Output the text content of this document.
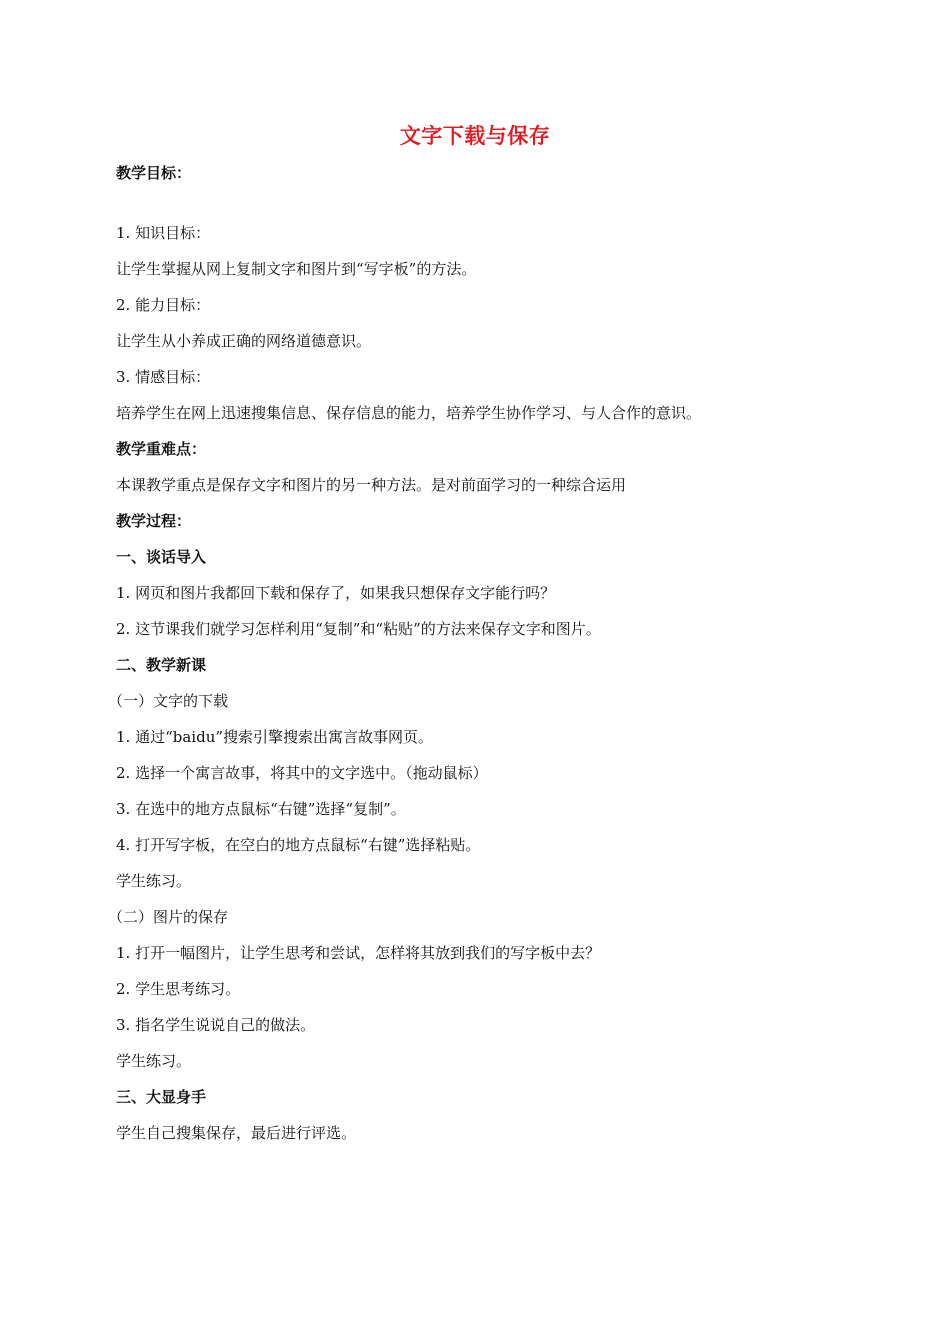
文字下载与保存
教学目标：
1. 知识目标：
让学生掌握从网上复制文字和图片到“写字板”的方法。
2. 能力目标：
让学生从小养成正确的网络道德意识。
3. 情感目标：
培养学生在网上迅速搜集信息、保存信息的能力，培养学生协作学习、与人合作的意识。
教学重难点：
本课教学重点是保存文字和图片的另一种方法。是对前面学习的一种综合运用
教学过程：
一、谈话导入
1. 网页和图片我都回下载和保存了，如果我只想保存文字能行吗？
2. 这节课我们就学习怎样利用“复制”和“粘贴”的方法来保存文字和图片。
二、教学新课
（一）文字的下载
1. 通过“baidu”搜索引擎搜索出寓言故事网页。
2. 选择一个寓言故事，将其中的文字选中。（拖动鼠标）
3. 在选中的地方点鼠标“右键”选择“复制”。
4. 打开写字板，在空白的地方点鼠标“右键”选择粘贴。
学生练习。
（二）图片的保存
1. 打开一幅图片，让学生思考和尝试，怎样将其放到我们的写字板中去？
2. 学生思考练习。
3. 指名学生说说自己的做法。
学生练习。
三、大显身手
学生自己搜集保存，最后进行评选。
